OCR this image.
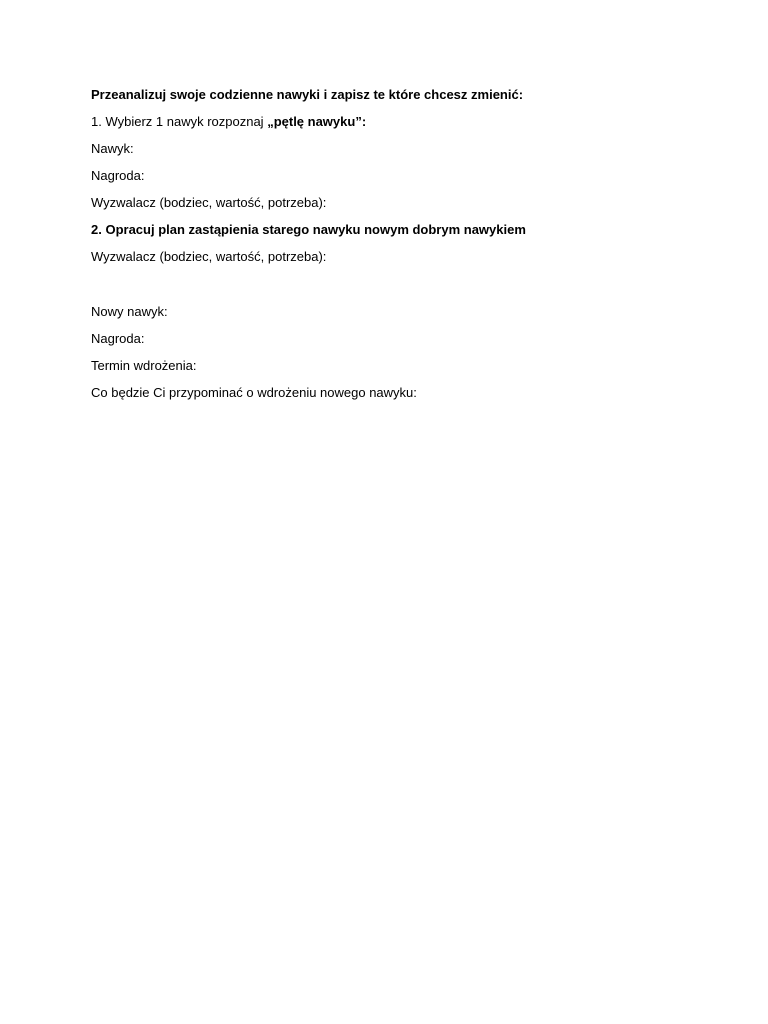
Przeanalizuj swoje codzienne nawyki i zapisz te które chcesz zmienić:
1. Wybierz 1 nawyk rozpoznaj „pętlę nawyku”:
Nawyk:
Nagroda:
Wyzwalacz (bodziec, wartość, potrzeba):
2. Opracuj plan zastąpienia starego nawyku nowym dobrym nawykiem
Wyzwalacz (bodziec, wartość, potrzeba):
Nowy nawyk:
Nagroda:
Termin wdrożenia:
Co będzie Ci przypominać o wdrożeniu nowego nawyku:
